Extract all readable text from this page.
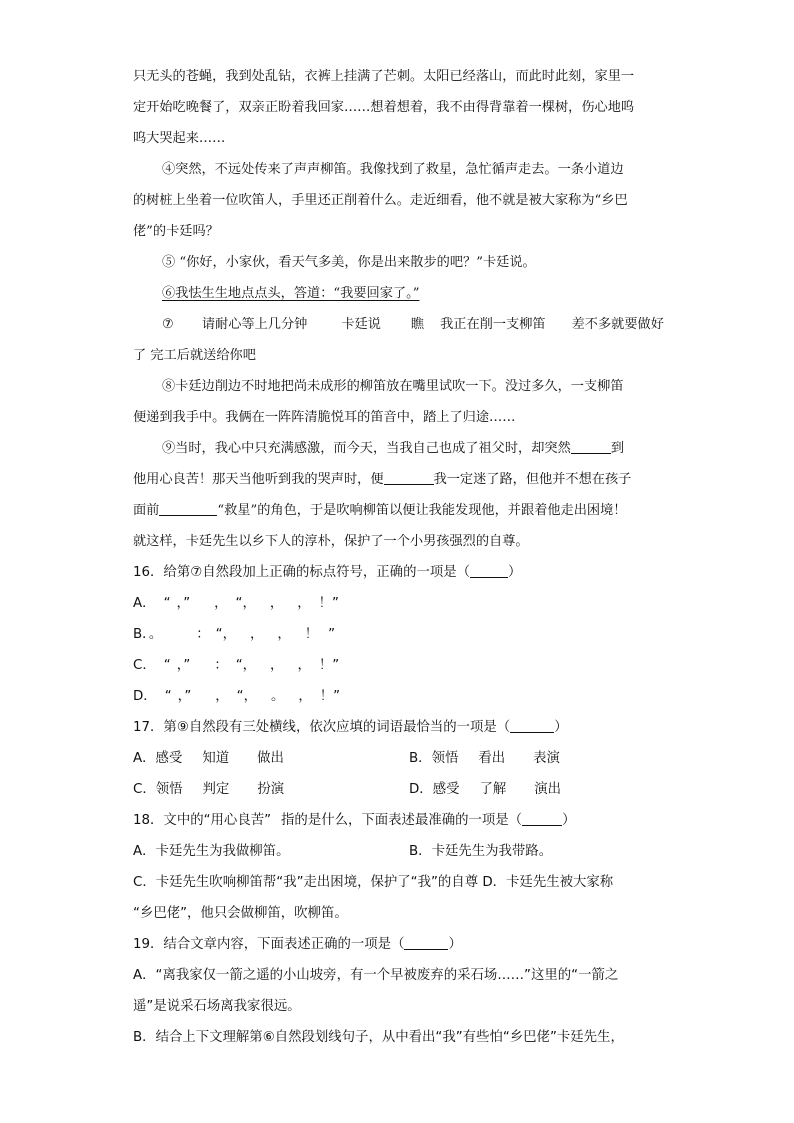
只无头的苍蝇，我到处乱钻，衣裤上挂满了芒刺。太阳已经落山，而此时此刻，家里一
定开始吃晚餐了，双亲正盼着我回家……想着想着，我不由得背靠着一棵树，伤心地呜
呜大哭起来……
④突然，不远处传来了声声柳笛。我像找到了救星，急忙循声走去。一条小道边
的树桩上坐着一位吹笛人，手里还正削着什么。走近细看，他不就是被大家称为“乡巴
佬”的卡廷吗？
⑤ “你好，小家伙，看天气多美，你是出来散步的吧？”卡廷说。
⑥我怯生生地点点头，答道：“我要回家了。”
⑦ 请耐心等上几分钟	卡廷说 瞧 我正在削一支柳笛 差不多就要做好
了 完工后就送给你吧
⑧卡廷边削边不时地把尚未成形的柳笛放在嘴里试吹一下。没过多久，一支柳笛
便递到我手中。我俩在一阵阵清脆悦耳的笛音中，踏上了归途……
⑨当时，我心中只充满感激，而今天，当我自己也成了祖父时，却突然	到
他用心良苦！那天当他听到我的哭声时，便	我一定迷了路，但他并不想在孩子
面前	“救星”的角色，于是吹响柳笛以便让我能发现他，并跟着他走出困境！
就这样，卡廷先生以乡下人的淳朴，保护了一个小男孩强烈的自尊。
16．给第⑦自然段加上正确的标点符号，正确的一项是（	）
A． “ ，” ， “， ， ， ！”
B．。	： “， ， ， ！ ”
C． “ ，” ： “， ， ， ！”
D． “ ，” ， “， 。 ， ！”
17．第⑨自然段有三处横线，依次应填的词语最恰当的一项是（	）
A．感受 知道 做出	B．领悟 看出 表演
C．领悟 判定 扮演	D．感受 了解 演出
18．文中的“用心良苦” 指的是什么，下面表述最准确的一项是（	）
A．卡廷先生为我做柳笛。	B．卡廷先生为我带路。
C．卡廷先生吹响柳笛帮“我”走出困境，保护了“我”的自尊 D．卡廷先生被大家称
“乡巴佬”，他只会做柳笛，吹柳笛。
19．结合文章内容，下面表述正确的一项是（	）
A．“离我家仅一箭之遥的小山坡旁，有一个早被废弃的采石场……”这里的“一箭之
遥”是说采石场离我家很远。
B．结合上下文理解第⑥自然段划线句子，从中看出“我”有些怕“乡巴佬”卡廷先生，
